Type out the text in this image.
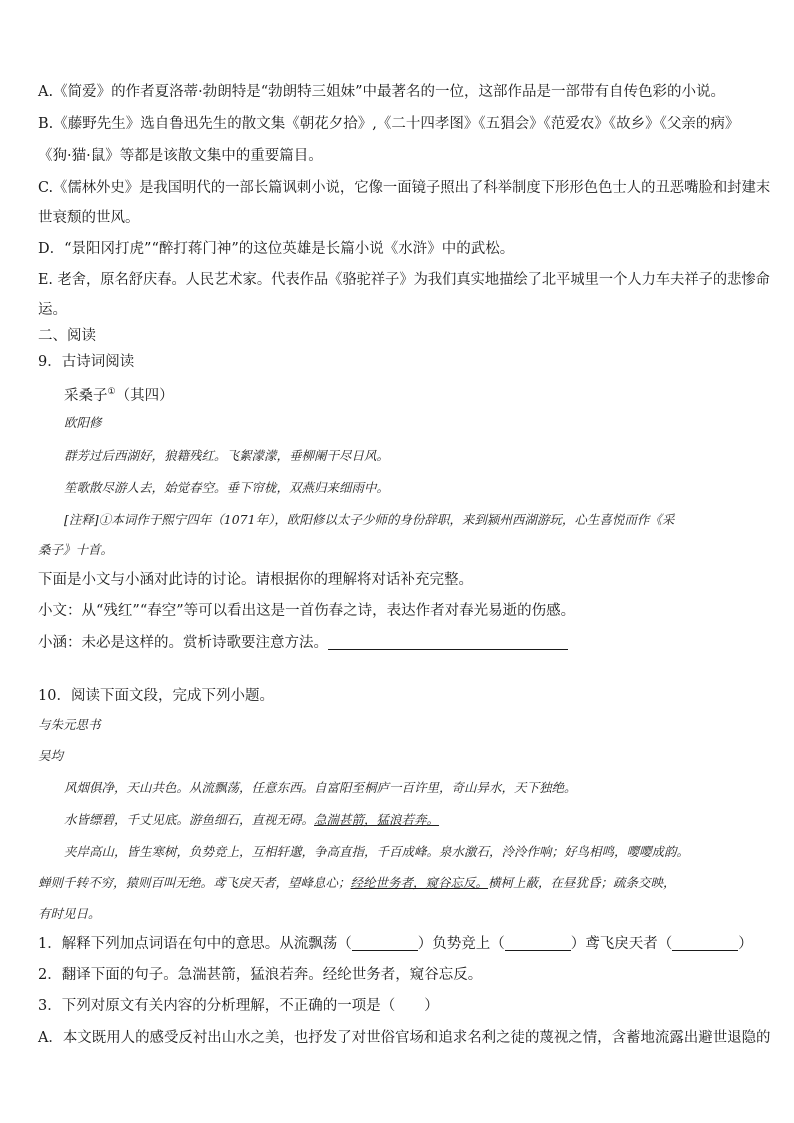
A.《简爱》的作者夏洛蒂·勃朗特是“勃朗特三姐妹”中最著名的一位，这部作品是一部带有自传色彩的小说。
B.《藤野先生》选自鲁迅先生的散文集《朝花夕拾》,《二十四孝图》《五猖会》《范爱农》《故乡》《父亲的病》
《狗·猫·鼠》等都是该散文集中的重要篇目。
C.《儒林外史》是我国明代的一部长篇讽刺小说，它像一面镜子照出了科举制度下形形色色士人的丑恶嘴脸和封建末
世衰颓的世风。
D．“景阳冈打虎”“醉打蒋门神”的这位英雄是长篇小说《水浒》中的武松。
E. 老舍，原名舒庆春。人民艺术家。代表作品《骆驼祥子》为我们真实地描绘了北平城里一个人力车夫祥子的悲惨命
运。
二、阅读
9．古诗词阅读
采桑子①（其四）
欧阳修
群芳过后西湖好，狼籍残红。飞絮濛濛，垂柳阑干尽日风。
笙歌散尽游人去，始觉春空。垂下帘栊，双燕归来细雨中。
[注释]①本词作于熙宁四年（1071年），欧阳修以太子少师的身份辞职，来到颍州西湖游玩，心生喜悦而作《采
桑子》十首。
下面是小文与小涵对此诗的讨论。请根据你的理解将对话补充完整。
小文：从“残红”“春空”等可以看出这是一首伤春之诗，表达作者对春光易逝的伤感。
小涵：未必是这样的。赏析诗歌要注意方法。
10．阅读下面文段，完成下列小题。
与朱元思书
吴均
风烟俱净，天山共色。从流飘荡，任意东西。自富阳至桐庐一百许里，奇山异水，天下独绝。
水皆缥碧，千丈见底。游鱼细石，直视无碍。急湍甚箭，猛浪若奔。
夹岸高山，皆生寒树，负势竞上，互相轩邈，争高直指，千百成峰。泉水激石，泠泠作响；好鸟相鸣，嘤嘤成韵。
蝉则千转不穷，猿则百叫无绝。鸢飞戾天者，望峰息心；经纶世务者，窥谷忘反。横柯上蔽，在昼犹昏；疏条交映，
有时见日。
1．解释下列加点词语在句中的意思。从流飘荡（	）负势竞上（	）鸢飞戾天者（	）
2．翻译下面的句子。急湍甚箭，猛浪若奔。经纶世务者，窥谷忘反。
3．下列对原文有关内容的分析理解，不正确的一项是（　　）
A．本文既用人的感受反衬出山水之美，也抒发了对世俗官场和追求名利之徒的蔑视之情，含蓄地流露出避世退隐的
